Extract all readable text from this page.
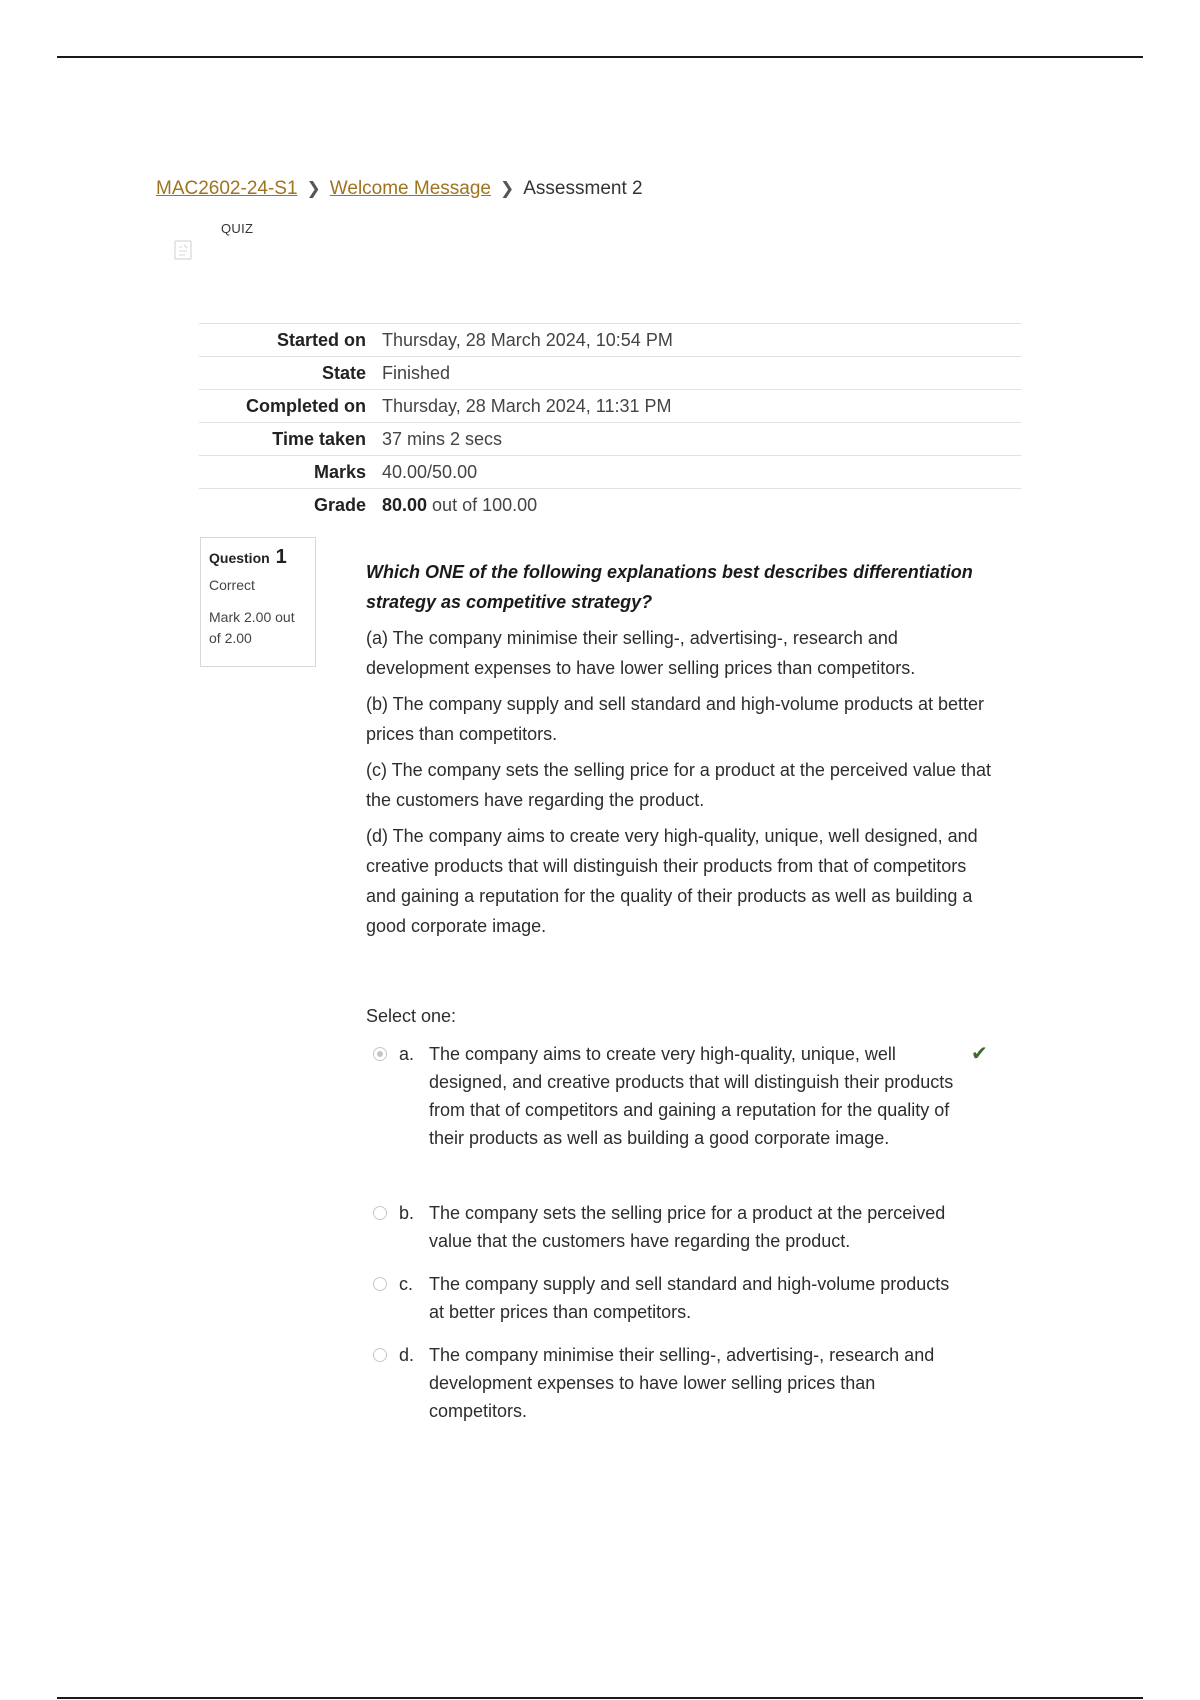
MAC2602-24-S1 ❯ Welcome Message ❯ Assessment 2
QUIZ
Started on	Thursday, 28 March 2024, 10:54 PM
State	Finished
Completed on	Thursday, 28 March 2024, 11:31 PM
Time taken	37 mins 2 secs
Marks	40.00/50.00
Grade	80.00 out of 100.00
Question 1
Correct
Mark 2.00 out of 2.00

Which ONE of the following explanations best describes differentiation strategy as competitive strategy?

(a) The company minimise their selling-, advertising-, research and development expenses to have lower selling prices than competitors.

(b) The company supply and sell standard and high-volume products at better prices than competitors.

(c) The company sets the selling price for a product at the perceived value that the customers have regarding the product.

(d) The company aims to create very high-quality, unique, well designed, and creative products that will distinguish their products from that of competitors and gaining a reputation for the quality of their products as well as building a good corporate image.

Select one:
a. The company aims to create very high-quality, unique, well designed, and creative products that will distinguish their products from that of competitors and gaining a reputation for the quality of their products as well as building a good corporate image.
✔
b. The company sets the selling price for a product at the perceived value that the customers have regarding the product.
c. The company supply and sell standard and high-volume products at better prices than competitors.
d. The company minimise their selling-, advertising-, research and development expenses to have lower selling prices than competitors.
